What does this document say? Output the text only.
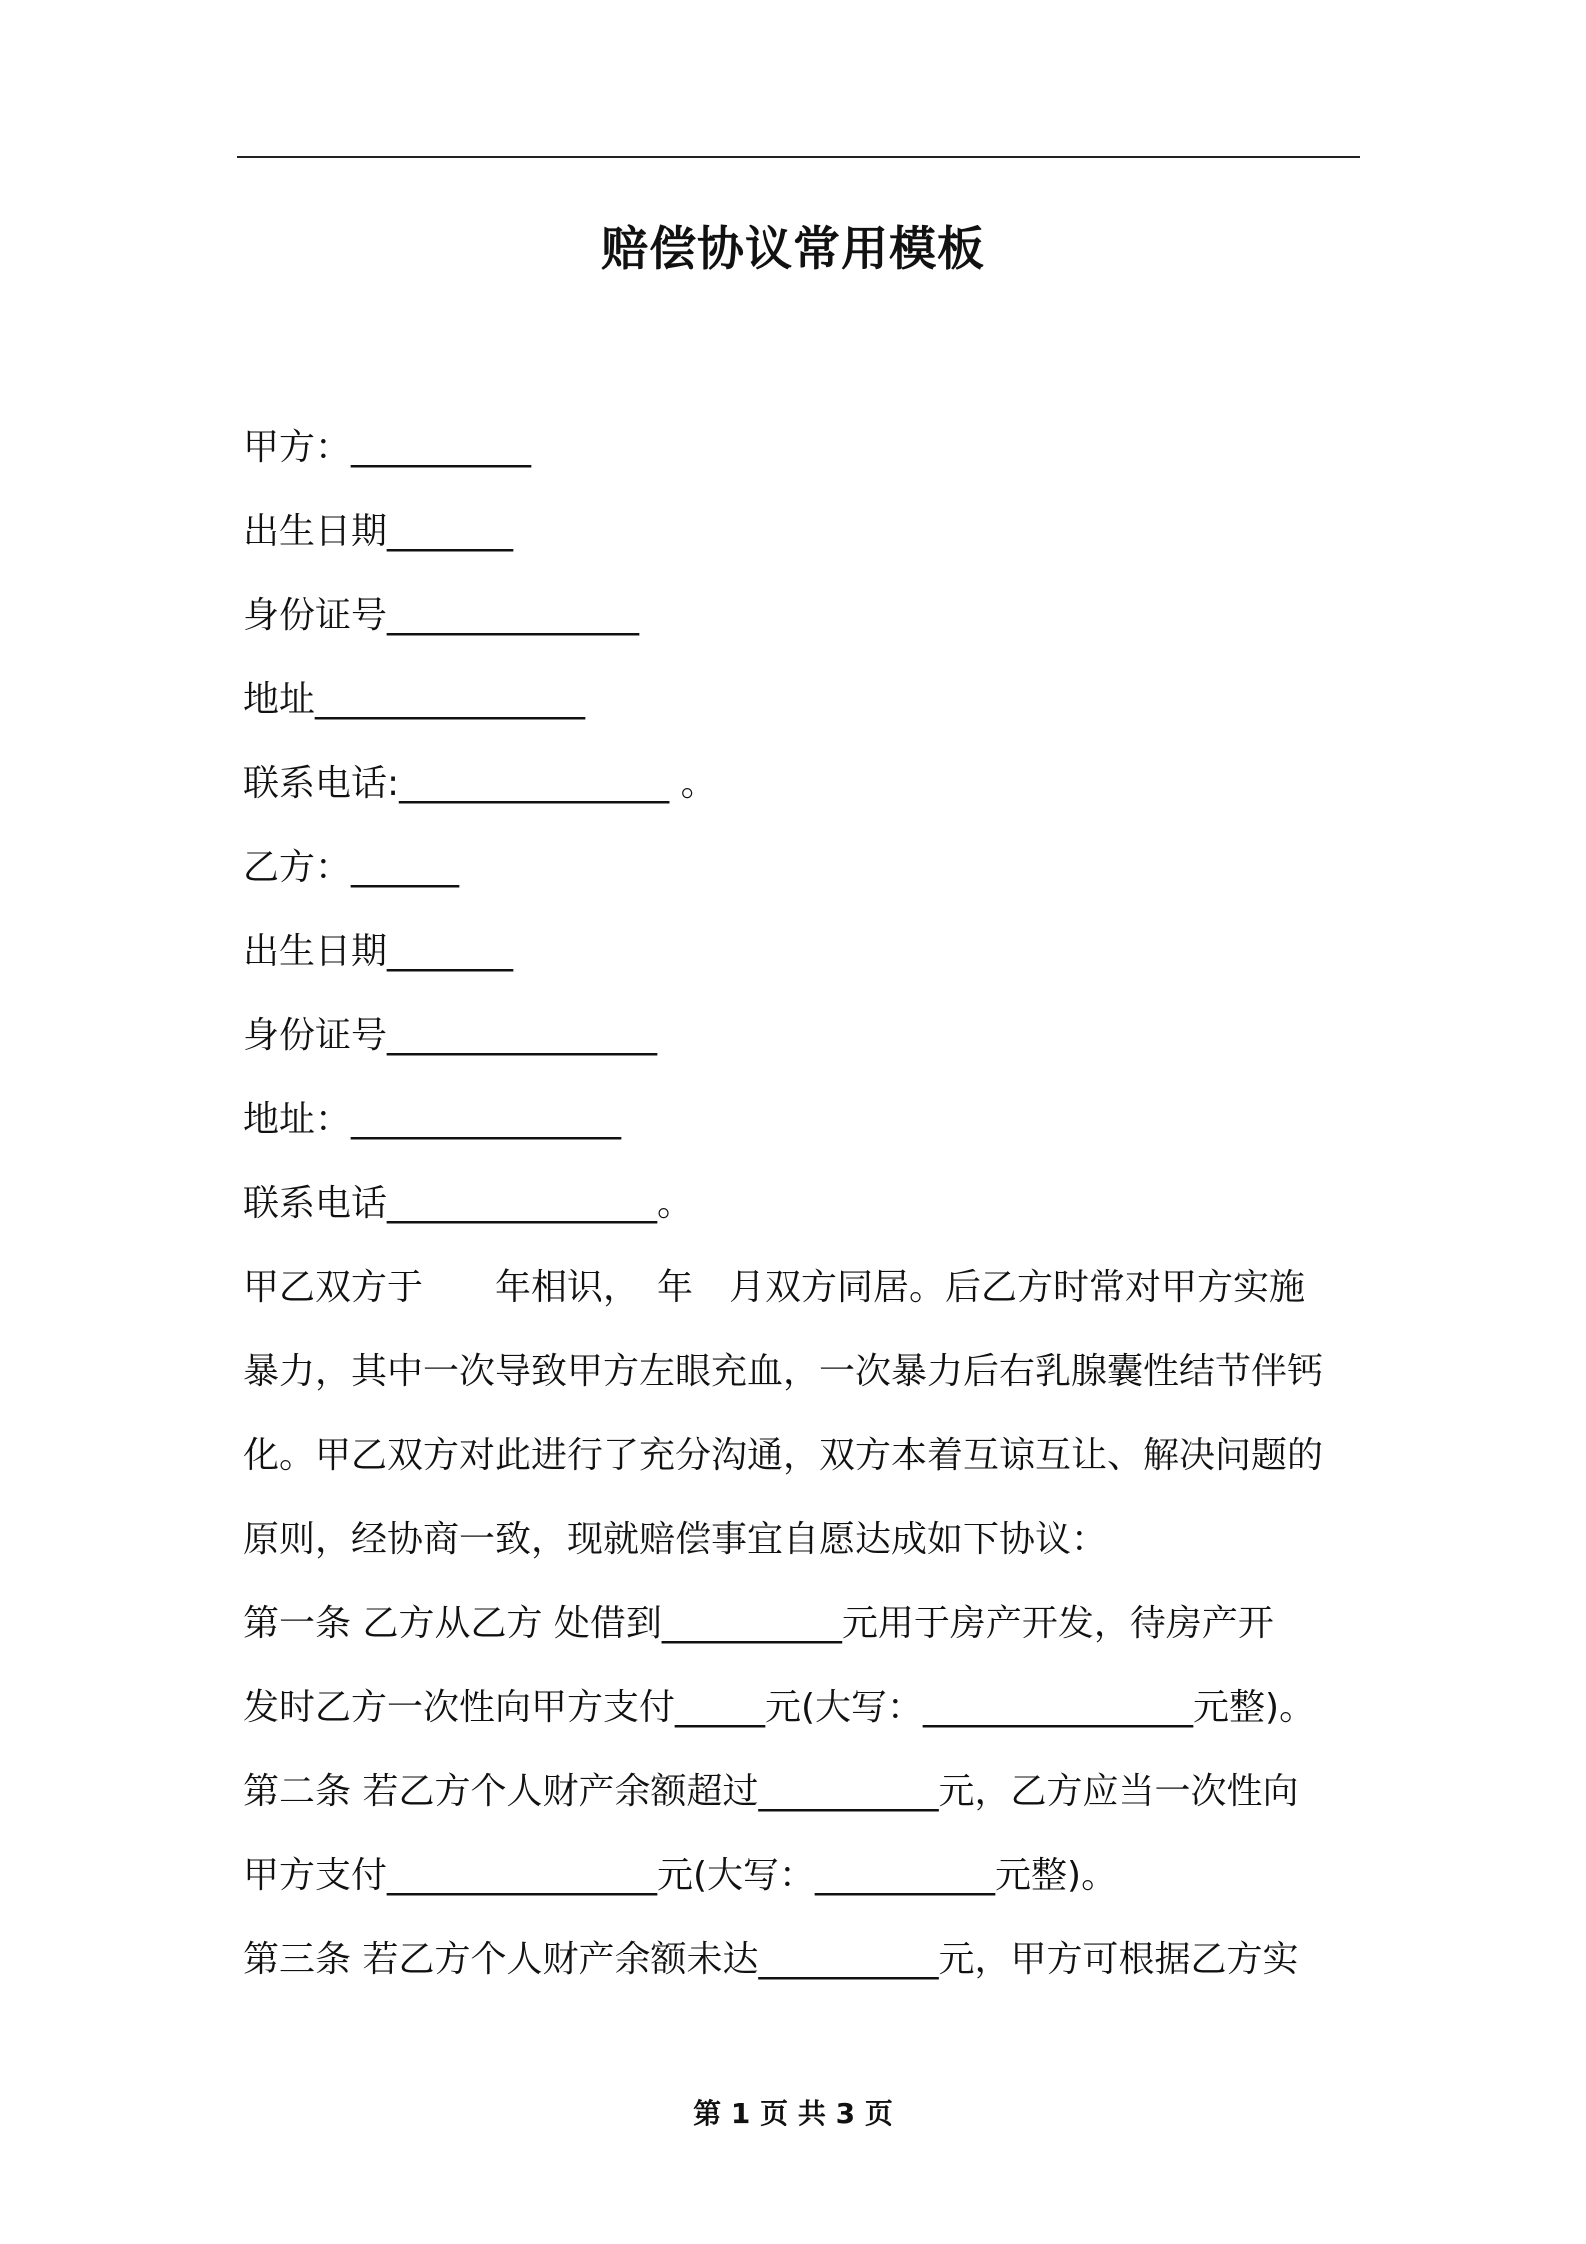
赔偿协议常用模板
甲方：__________
出生日期_______
身份证号______________
地址_______________
联系电话:_______________ 。
乙方：______
出生日期_______
身份证号_______________
地址：_______________
联系电话_______________。
甲乙双方于　　年相识，　年　月双方同居。后乙方时常对甲方实施
暴力，其中一次导致甲方左眼充血，一次暴力后右乳腺囊性结节伴钙
化。甲乙双方对此进行了充分沟通，双方本着互谅互让、解决问题的
原则，经协商一致，现就赔偿事宜自愿达成如下协议：
第一条 乙方从乙方 处借到__________元用于房产开发，待房产开
发时乙方一次性向甲方支付_____元(大写：_______________元整)。
第二条 若乙方个人财产余额超过__________元，乙方应当一次性向
甲方支付_______________元(大写：__________元整)。
第三条 若乙方个人财产余额未达__________元，甲方可根据乙方实
第 1 页 共 3 页
